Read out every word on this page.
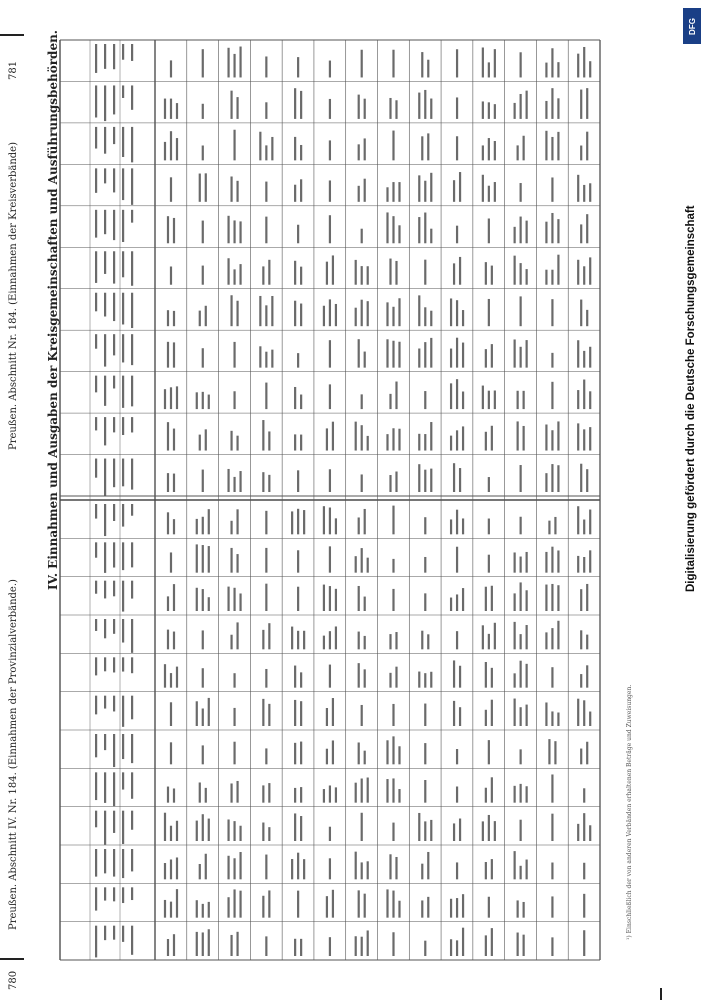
780
Preußen. Abschnitt IV. Nr. 184. (Einnahmen der Provinzialverbände.)
IV. Einnahmen und Ausgaben der Kreisgemeinschaften und Ausführungsbehörden.
Preußen. Abschnitt Nr. 184. (Einnahmen der Kreisverbände)
781
¹) Einschließlich der von anderen Verbänden erhaltenen Beträge und Zuweisungen.
DFG
Digitalisierung gefördert durch die Deutsche Forschungsgemeinschaft
